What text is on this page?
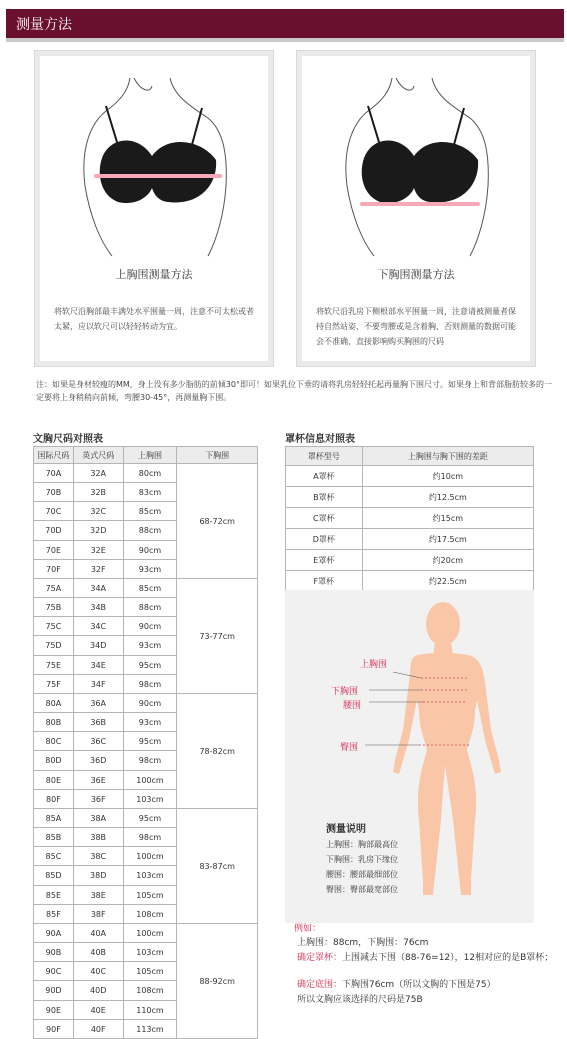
测量方法
上胸围测量方法
将软尺沿胸部最丰满处水平围量一周，注意不可太松或者太紧，应以软尺可以轻轻转动为宜。
下胸围测量方法
将软尺沿乳房下侧根部水平围量一周，注意请被测量者保持自然站姿，不要弯腰或是含着胸，否则测量的数据可能会不准确，直接影响购买胸围的尺码
注：如果是身材较瘦的MM，身上没有多少脂肪的前倾30°即可！如果乳位下垂的请将乳房轻轻托起再量胸下围尺寸。如果身上和背部脂肪较多的一定要将上身稍稍向前倾，弯腰30-45°，再测量胸下围。
文胸尺码对照表
国际尺码	英式尺码	上胸围	下胸围
70A	32A	80cm	68-72cm
70B	32B	83cm	
70C	32C	85cm	
70D	32D	88cm	
70E	32E	90cm	
70F	32F	93cm	
75A	34A	85cm	73-77cm
75B	34B	88cm	
75C	34C	90cm	
75D	34D	93cm	
75E	34E	95cm	
75F	34F	98cm	
80A	36A	90cm	78-82cm
80B	36B	93cm	
80C	36C	95cm	
80D	36D	98cm	
80E	36E	100cm	
80F	36F	103cm	
85A	38A	95cm	83-87cm
85B	38B	98cm	
85C	38C	100cm	
85D	38D	103cm	
85E	38E	105cm	
85F	38F	108cm	
90A	40A	100cm	88-92cm
90B	40B	103cm	
90C	40C	105cm	
90D	40D	108cm	
90E	40E	110cm	
90F	40F	113cm	
罩杯信息对照表
罩杯型号	上胸围与胸下围的差距
A罩杯	约10cm
B罩杯	约12.5cm
C罩杯	约15cm
D罩杯	约17.5cm
E罩杯	约20cm
F罩杯	约22.5cm
上胸围
下胸围
腰围
臀围
测量说明
上胸围：胸部最高位
下胸围：乳房下缘位
腰围：腰部最细部位
臀围：臀部最宽部位
例如：
上胸围：88cm，下胸围：76cm
确定罩杯：上围减去下围（88-76=12），12相对应的是B罩杯；
确定底围：下胸围76cm（所以文胸的下围是75）
所以文胸应该选择的尺码是75B
